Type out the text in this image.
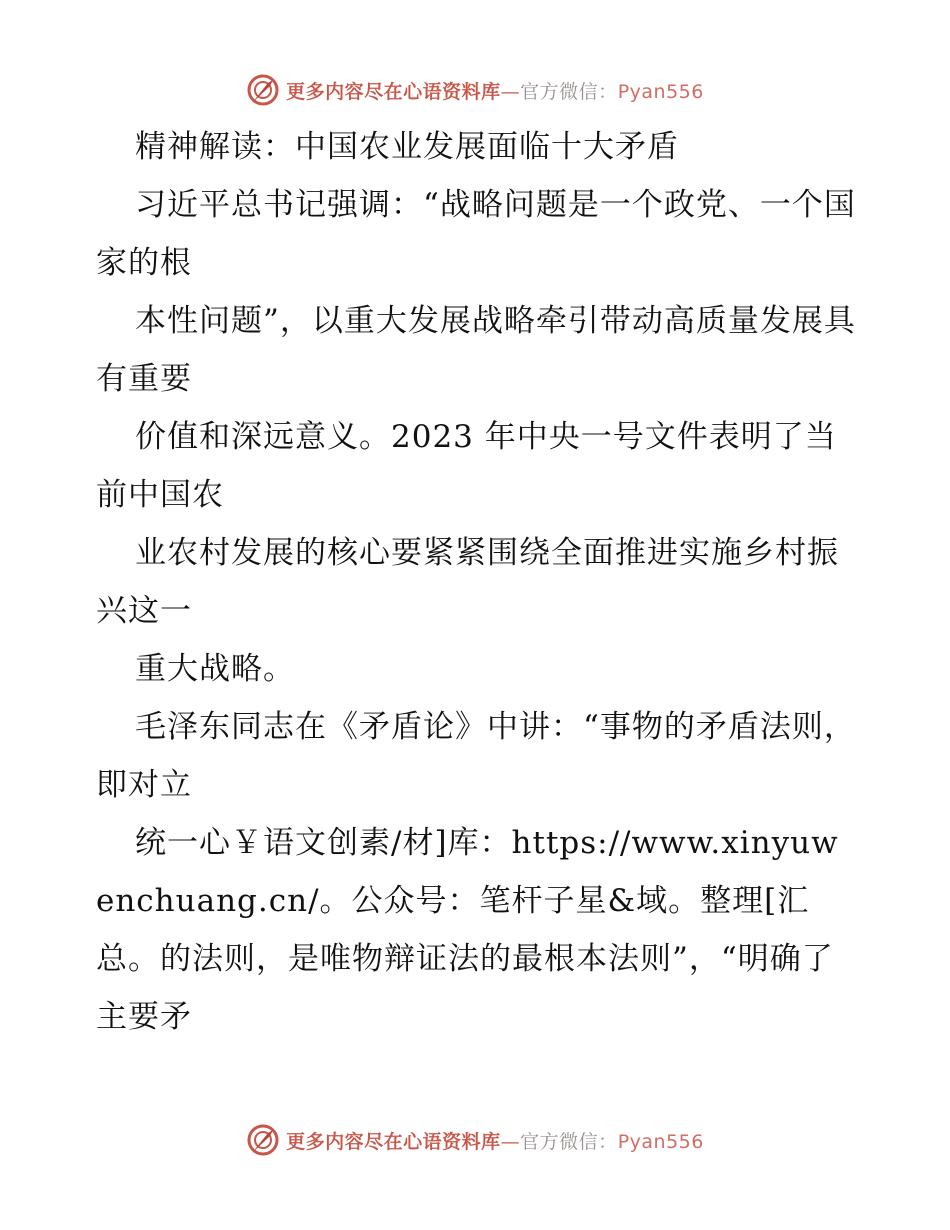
更多内容尽在心语资料库—官方微信：Pyan556

精神解读：中国农业发展面临十大矛盾

习近平总书记强调：“战略问题是一个政党、一个国家的根

本性问题”，以重大发展战略牵引带动高质量发展具有重要

价值和深远意义。2023 年中央一号文件表明了当前中国农

业农村发展的核心要紧紧围绕全面推进实施乡村振兴这一

重大战略。

毛泽东同志在《矛盾论》中讲：“事物的矛盾法则，即对立

统一心￥语文创素/材]库：https://www.xinyuwenchuang.cn/。公众号：笔杆子星&域。整理[汇总。的法则，是唯物辩证法的最根本法则”，“明确了主要矛

更多内容尽在心语资料库—官方微信：Pyan556
